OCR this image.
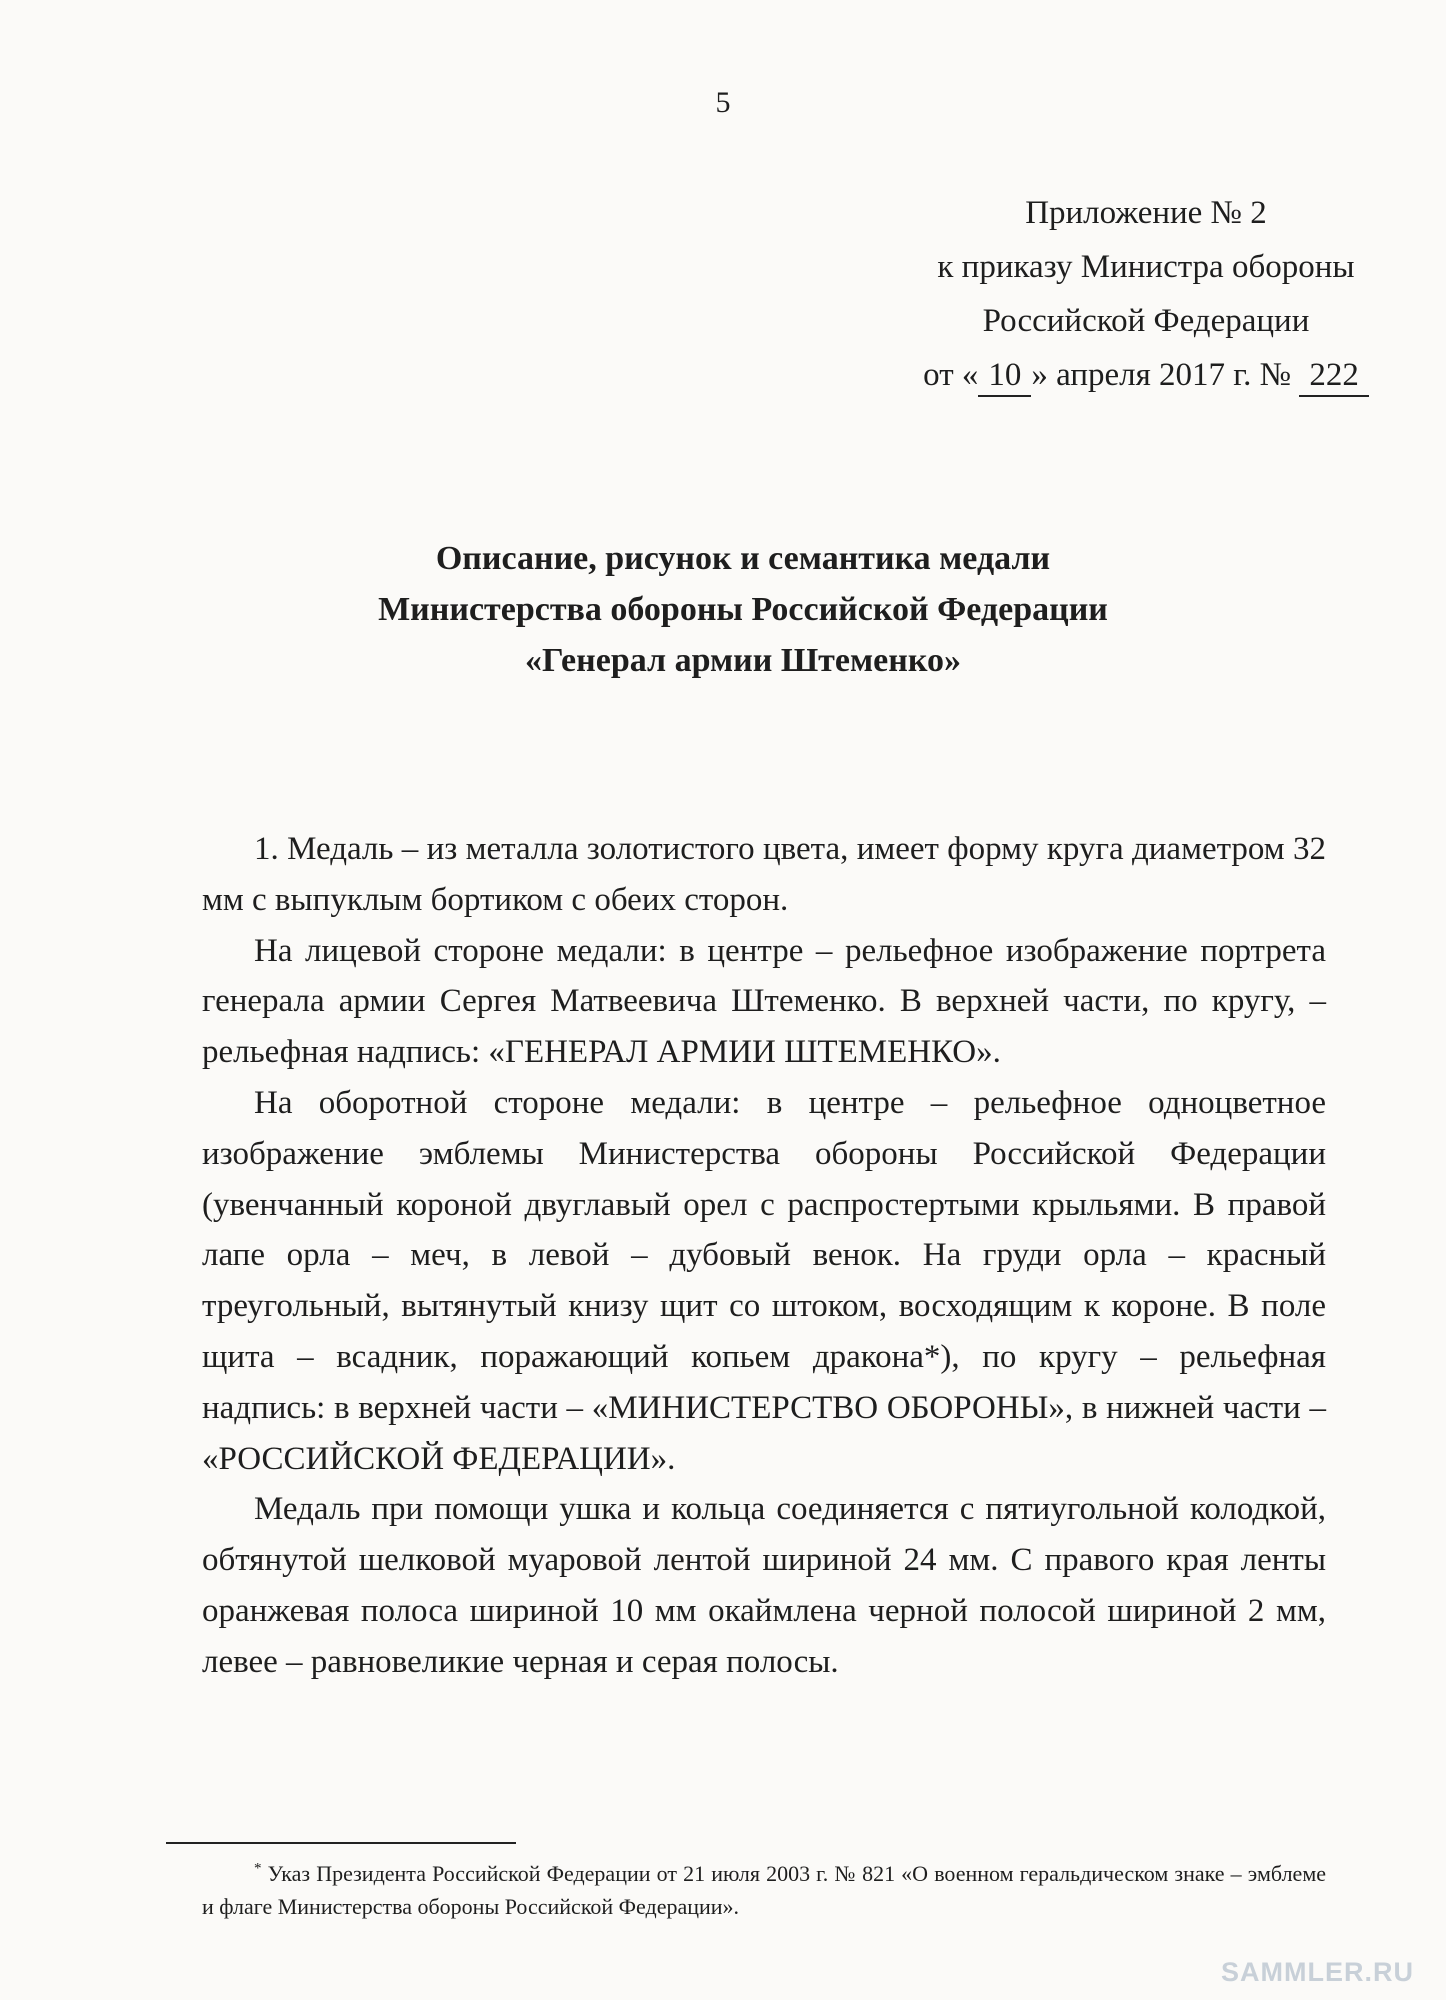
5
Приложение № 2
к приказу Министра обороны
Российской Федерации
от « 10 » апреля 2017 г. № 222
Описание, рисунок и семантика медали
Министерства обороны Российской Федерации
«Генерал армии Штеменко»

1. Медаль – из металла золотистого цвета, имеет форму круга диаметром 32 мм с выпуклым бортиком с обеих сторон.

На лицевой стороне медали: в центре – рельефное изображение портрета генерала армии Сергея Матвеевича Штеменко. В верхней части, по кругу, – рельефная надпись: «ГЕНЕРАЛ АРМИИ ШТЕМЕНКО».

На оборотной стороне медали: в центре – рельефное одноцветное изображение эмблемы Министерства обороны Российской Федерации (увенчанный короной двуглавый орел с распростертыми крыльями. В правой лапе орла – меч, в левой – дубовый венок. На груди орла – красный треугольный, вытянутый книзу щит со штоком, восходящим к короне. В поле щита – всадник, поражающий копьем дракона*), по кругу – рельефная надпись: в верхней части – «МИНИСТЕРСТВО ОБОРОНЫ», в нижней части – «РОССИЙСКОЙ ФЕДЕРАЦИИ».

Медаль при помощи ушка и кольца соединяется с пятиугольной колодкой, обтянутой шелковой муаровой лентой шириной 24 мм. С правого края ленты оранжевая полоса шириной 10 мм окаймлена черной полосой шириной 2 мм, левее – равновеликие черная и серая полосы.

* Указ Президента Российской Федерации от 21 июля 2003 г. № 821 «О военном геральдическом знаке – эмблеме и флаге Министерства обороны Российской Федерации».
SAMMLER.RU
